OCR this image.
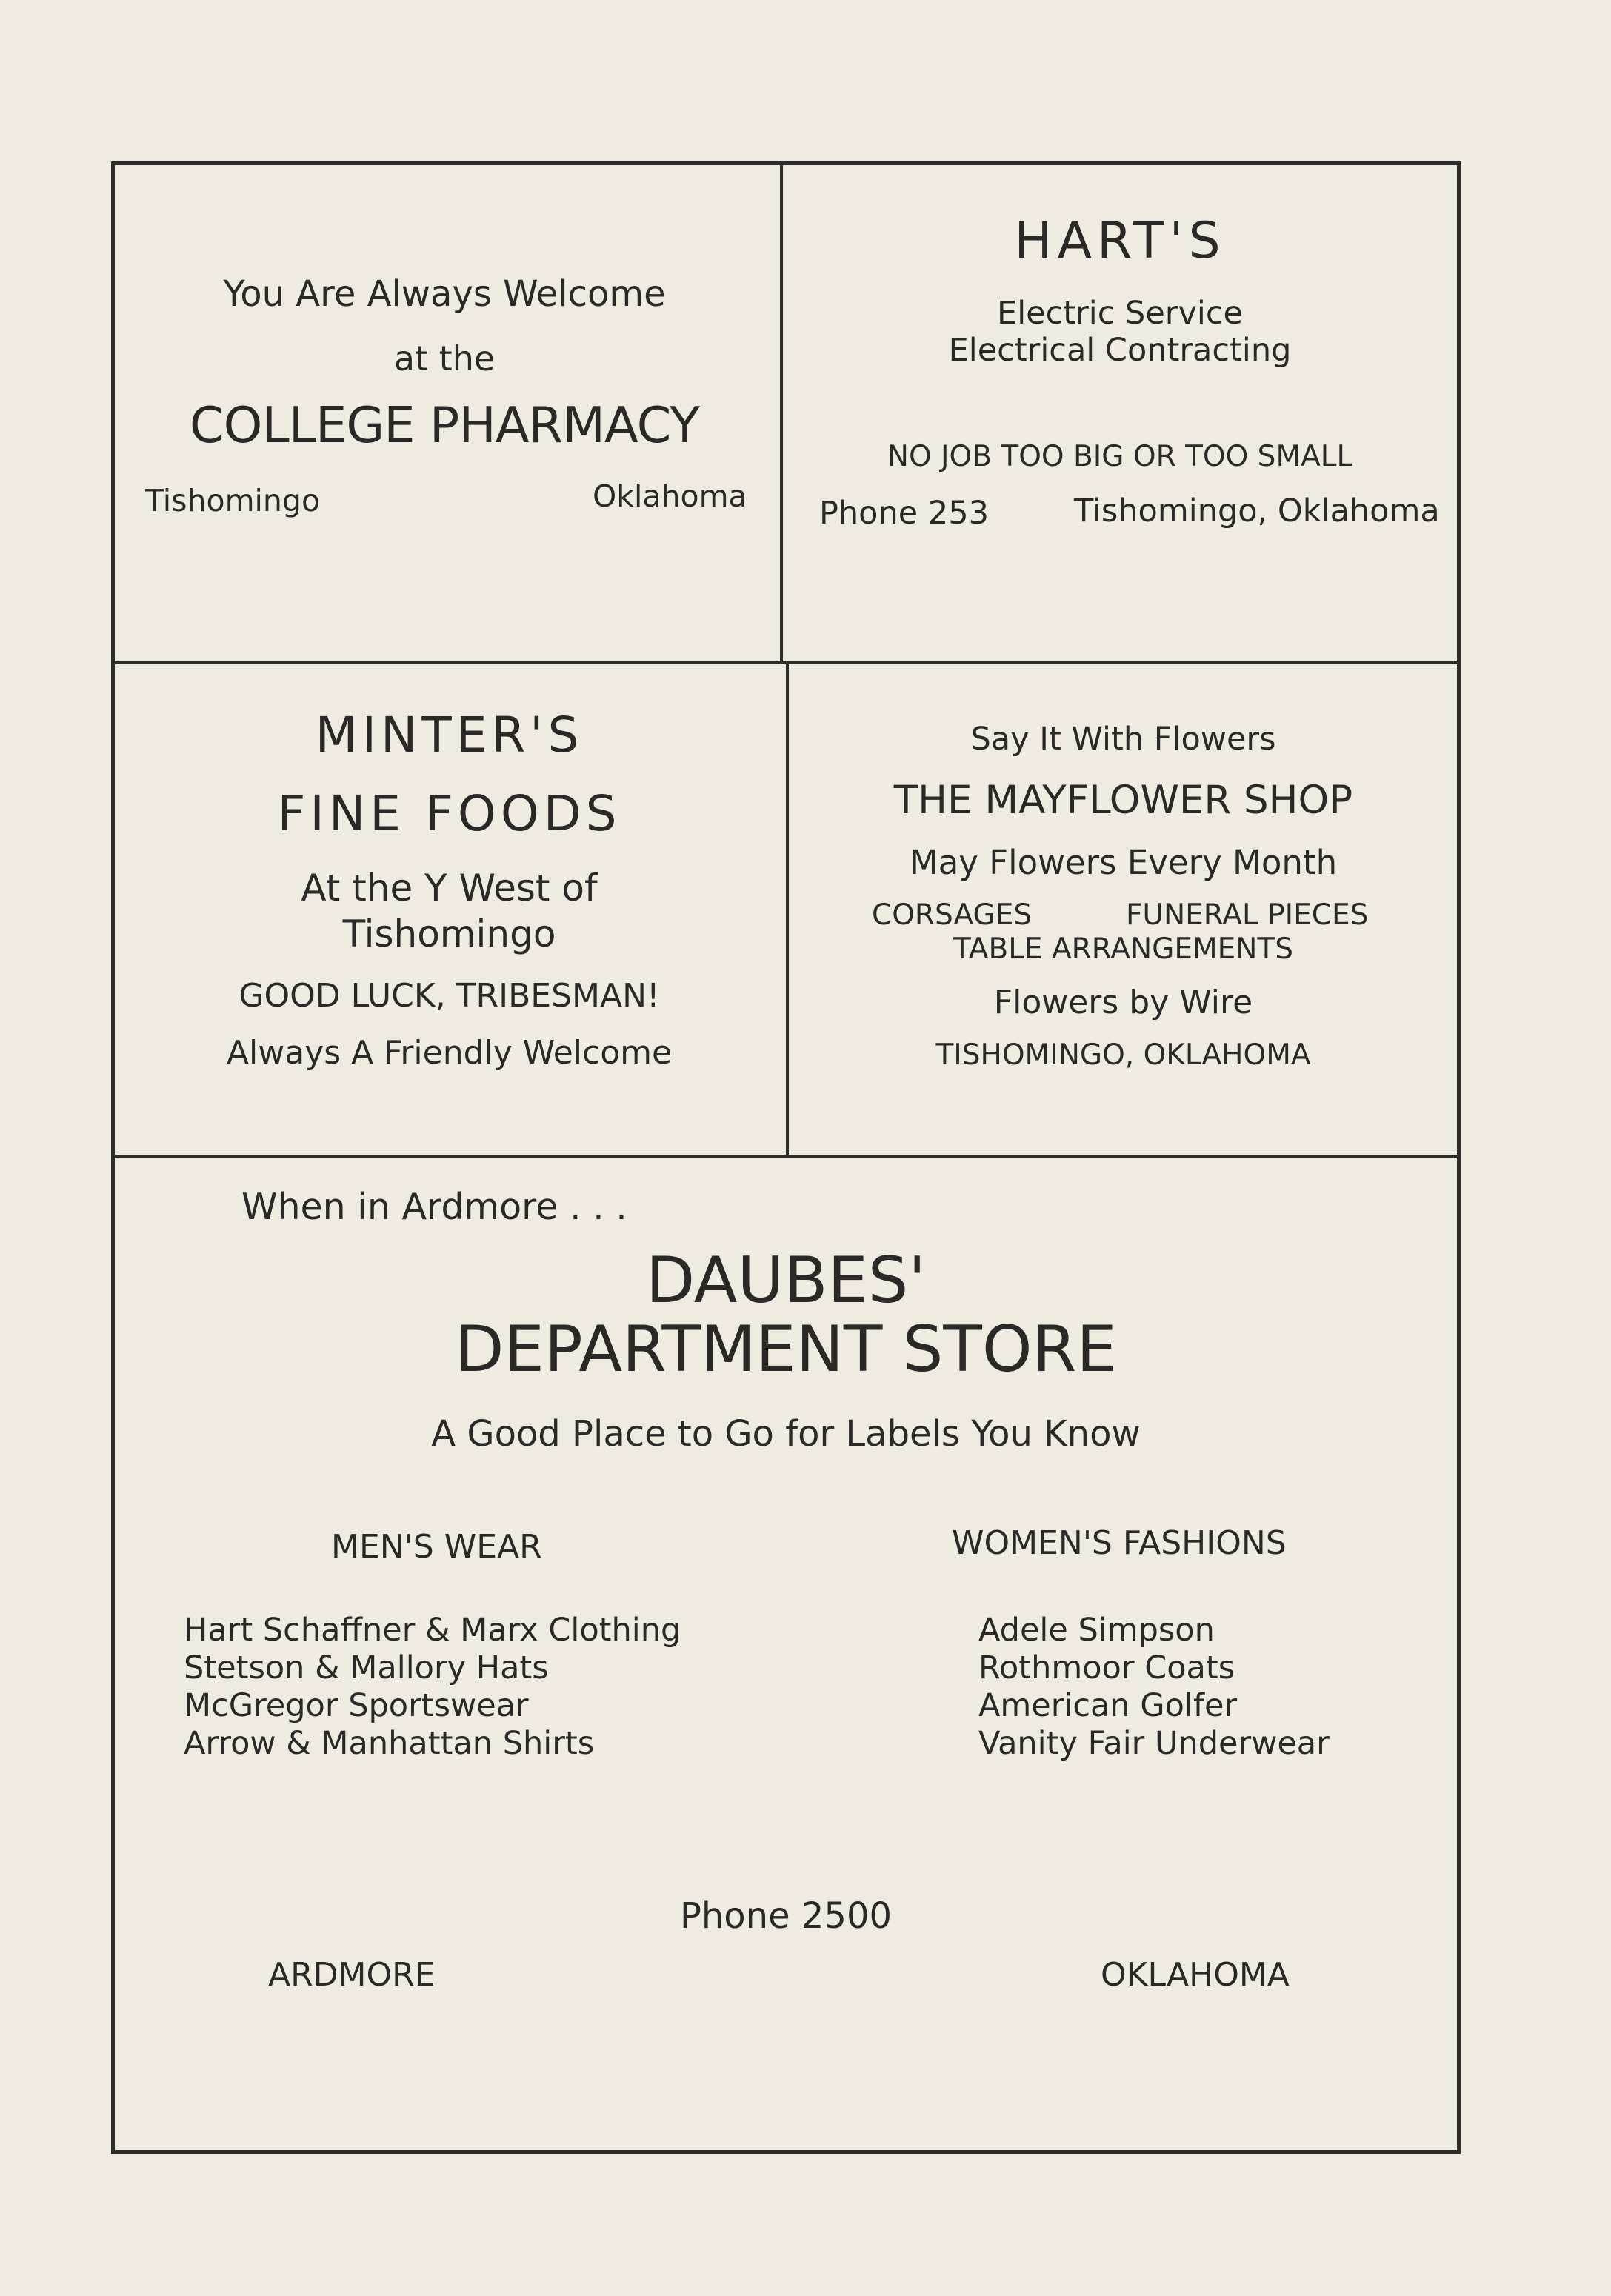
You Are Always Welcome
at the
COLLEGE PHARMACY
Tishomingo	Oklahoma
HART'S
Electric Service
Electrical Contracting
NO JOB TOO BIG OR TOO SMALL
Phone 253	Tishomingo, Oklahoma
MINTER'S
FINE FOODS
At the Y West of
Tishomingo
GOOD LUCK, TRIBESMAN!
Always A Friendly Welcome
Say It With Flowers
THE MAYFLOWER SHOP
May Flowers Every Month
CORSAGES	FUNERAL PIECES
TABLE ARRANGEMENTS
Flowers by Wire
TISHOMINGO, OKLAHOMA
When in Ardmore . . .
DAUBES'
DEPARTMENT STORE
A Good Place to Go for Labels You Know
MEN'S WEAR	WOMEN'S FASHIONS
Hart Schaffner & Marx Clothing
Stetson & Mallory Hats
McGregor Sportswear
Arrow & Manhattan Shirts
Adele Simpson
Rothmoor Coats
American Golfer
Vanity Fair Underwear
Phone 2500
ARDMORE	OKLAHOMA
